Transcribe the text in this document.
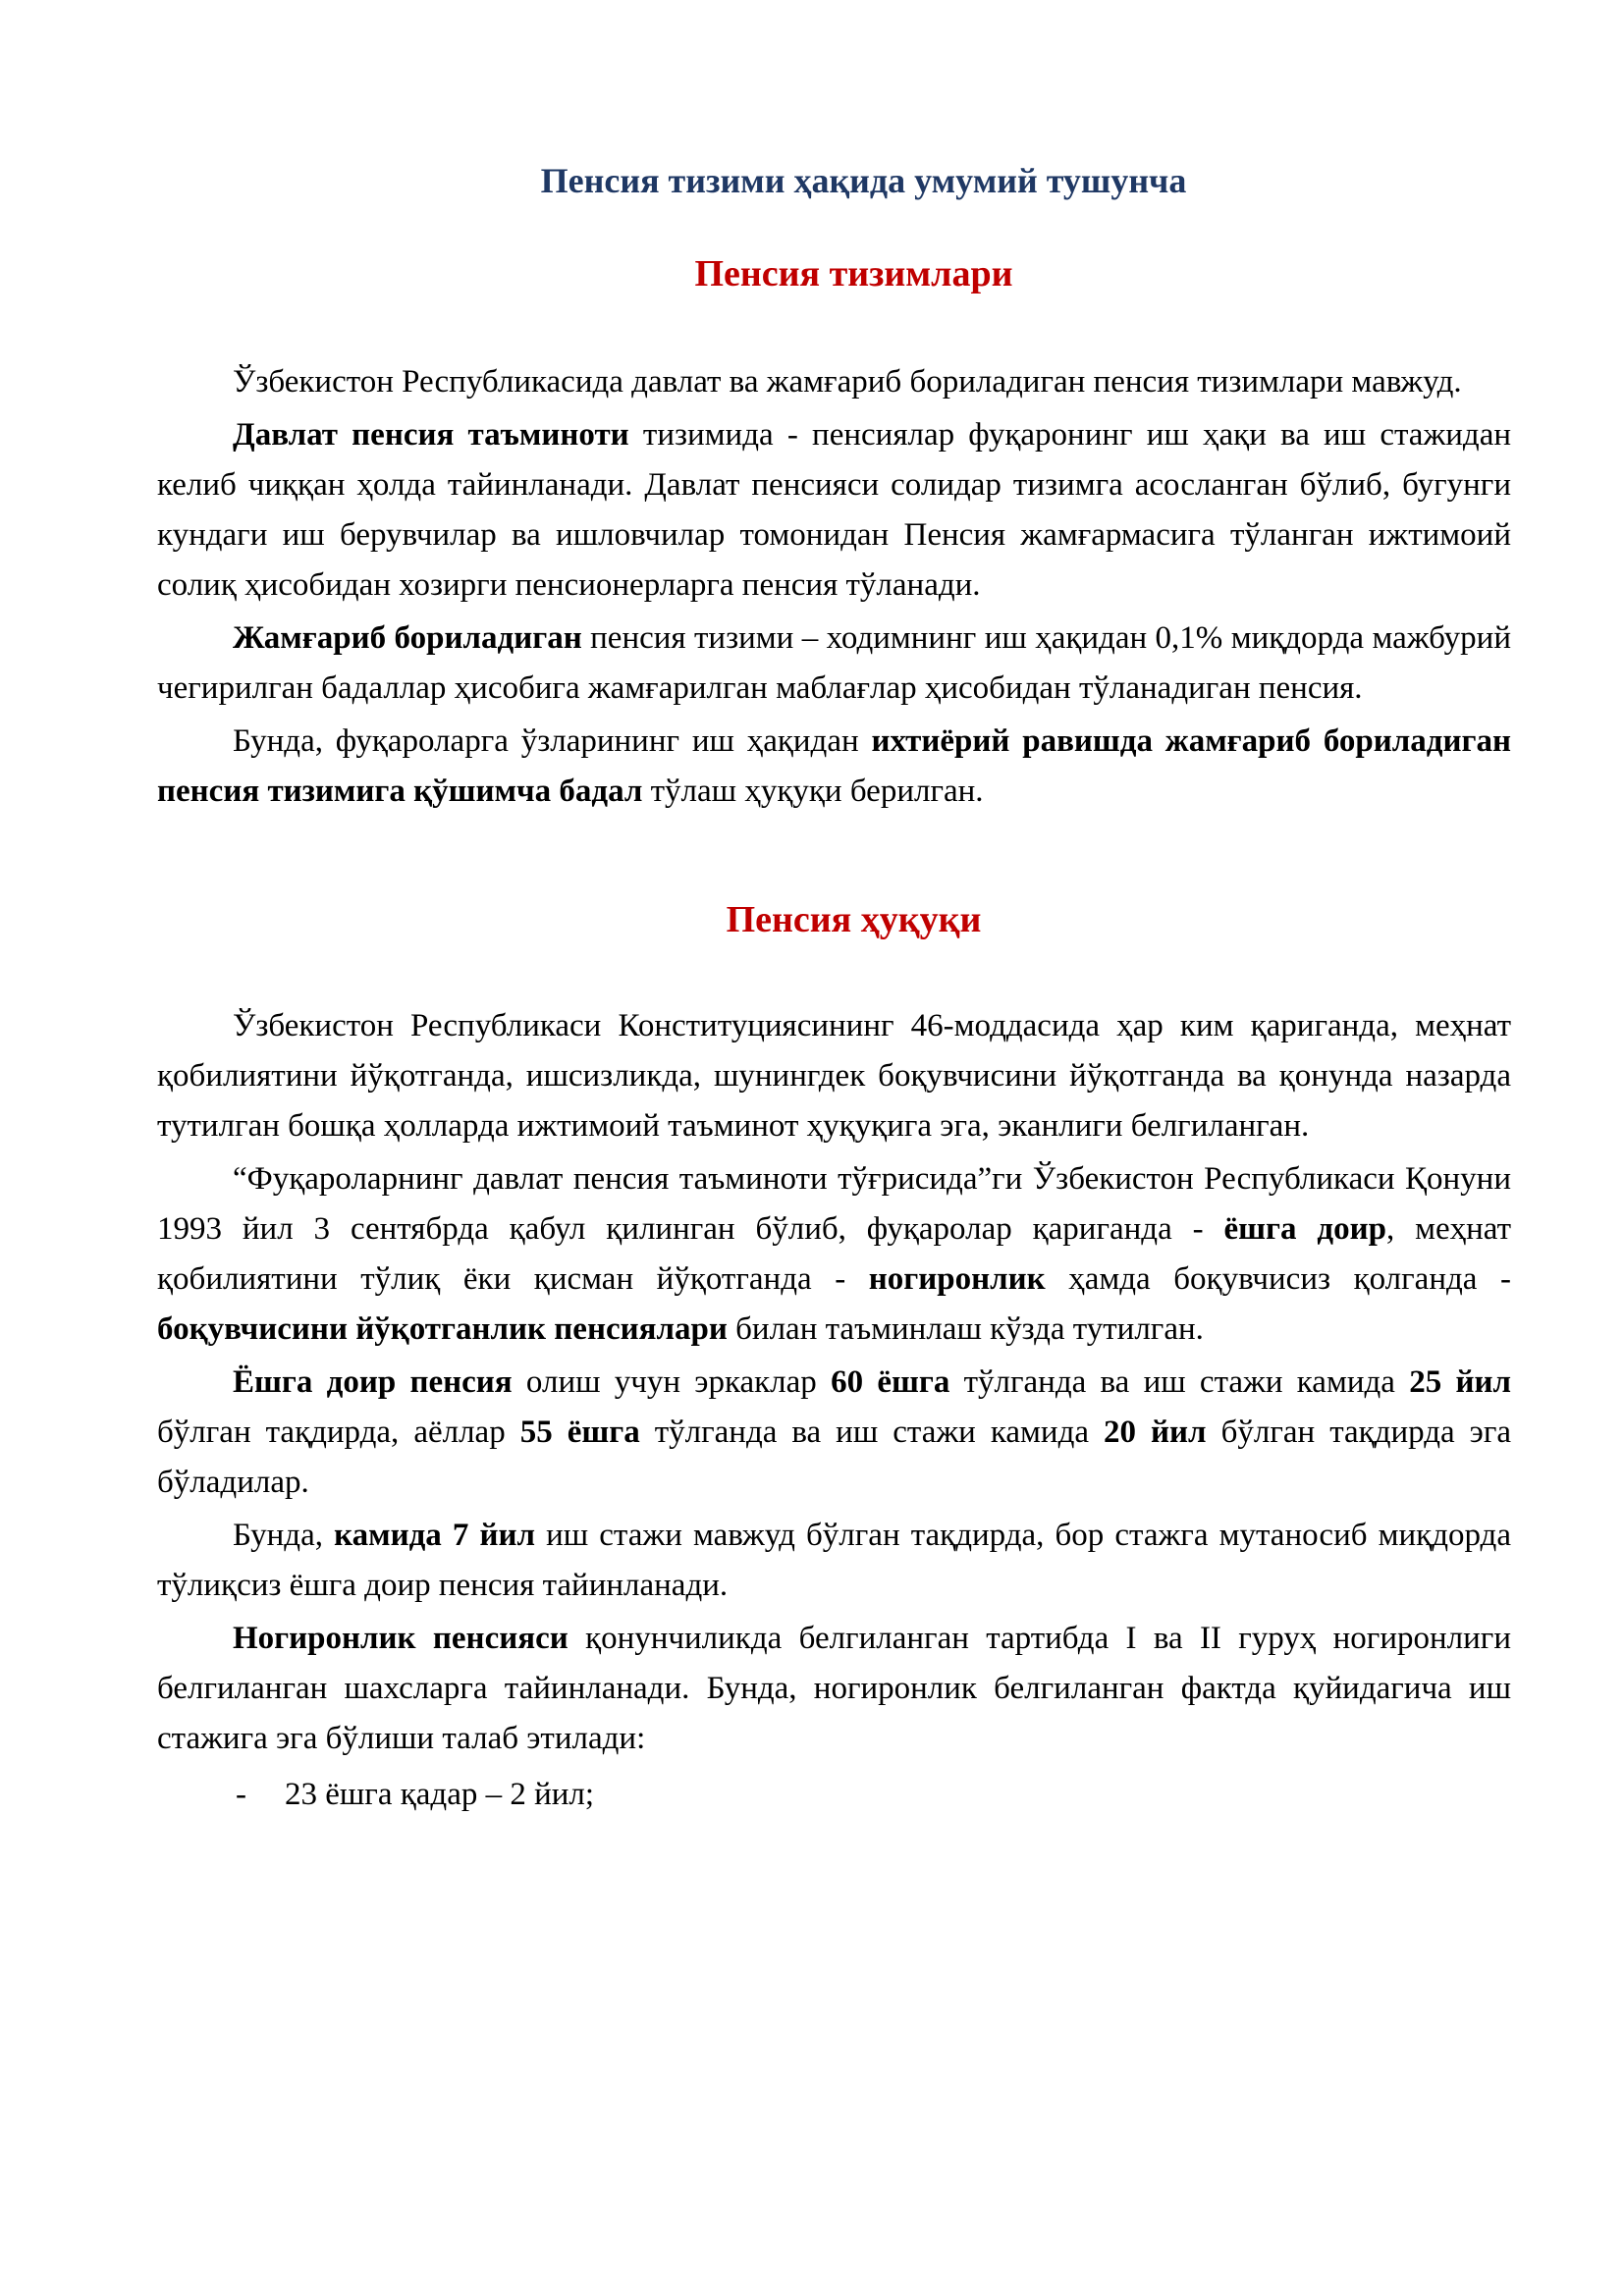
Пенсия тизими ҳақида умумий тушунча
Пенсия тизимлари

Ўзбекистон Республикасида давлат ва жамғариб бориладиган пенсия тизимлари мавжуд.

Давлат пенсия таъминоти тизимида - пенсиялар фуқаронинг иш ҳақи ва иш стажидан келиб чиққан ҳолда тайинланади. Давлат пенсияси солидар тизимга асосланган бўлиб, бугунги кундаги иш берувчилар ва ишловчилар томонидан Пенсия жамғармасига тўланган ижтимоий солиқ ҳисобидан хозирги пенсионерларга пенсия тўланади.

Жамғариб бориладиган пенсия тизими – ходимнинг иш ҳақидан 0,1% миқдорда мажбурий чегирилган бадаллар ҳисобига жамғарилган маблағлар ҳисобидан тўланадиган пенсия.

Бунда, фуқароларга ўзларининг иш ҳақидан ихтиёрий равишда жамғариб бориладиган пенсия тизимига қўшимча бадал тўлаш ҳуқуқи берилган.

Пенсия ҳуқуқи

Ўзбекистон Республикаси Конституциясининг 46-моддасида ҳар ким қариганда, меҳнат қобилиятини йўқотганда, ишсизликда, шунингдек боқувчисини йўқотганда ва қонунда назарда тутилган бошқа ҳолларда ижтимоий таъминот ҳуқуқига эга, эканлиги белгиланган.

“Фуқароларнинг давлат пенсия таъминоти тўғрисида”ги Ўзбекистон Республикаси Қонуни 1993 йил 3 сентябрда қабул қилинган бўлиб, фуқаролар қариганда - ёшга доир, меҳнат қобилиятини тўлиқ ёки қисман йўқотганда - ногиронлик ҳамда боқувчисиз қолганда - боқувчисини йўқотганлик пенсиялари билан таъминлаш кўзда тутилган.

Ёшга доир пенсия олиш учун эркаклар 60 ёшга тўлганда ва иш стажи камида 25 йил бўлган тақдирда, аёллар 55 ёшга тўлганда ва иш стажи камида 20 йил бўлган тақдирда эга бўладилар.

Бунда, камида 7 йил иш стажи мавжуд бўлган тақдирда, бор стажга мутаносиб миқдорда тўлиқсиз ёшга доир пенсия тайинланади.

Ногиронлик пенсияси қонунчиликда белгиланган тартибда I ва II гуруҳ ногиронлиги белгиланган шахсларга тайинланади. Бунда, ногиронлик белгиланган фактда қуйидагича иш стажига эга бўлиши талаб этилади:

-	23 ёшга қадар – 2 йил;
